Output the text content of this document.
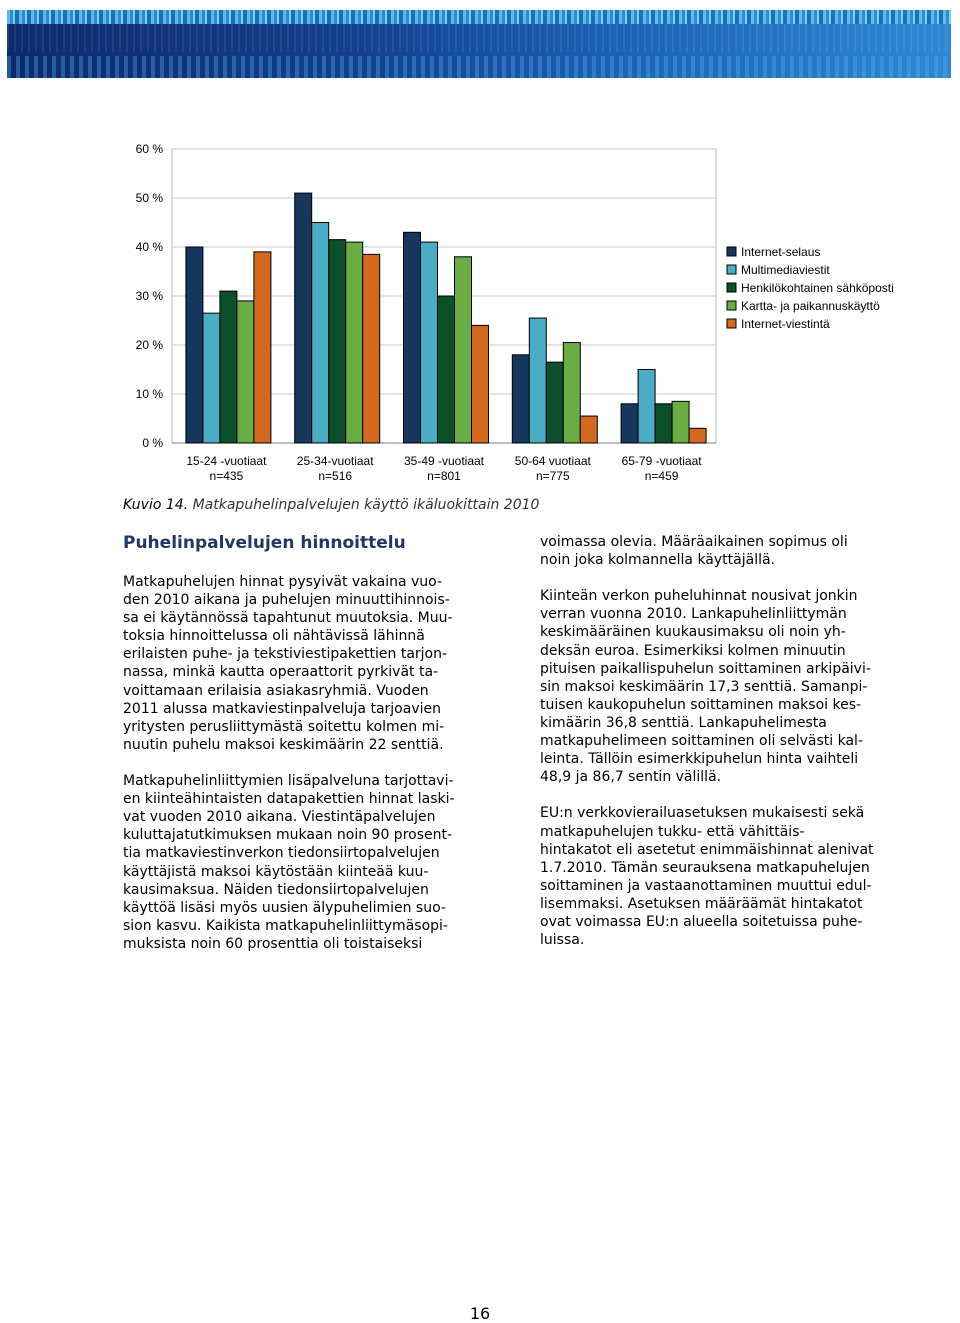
0 %
10 %
20 %
30 %
40 %
50 %
60 %
15-24 -vuotiaat
n=435
25-34-vuotiaat
n=516
35-49 -vuotiaat
n=801
50-64 vuotiaat
n=775
65-79 -vuotiaat
n=459
Internet-selaus
Multimediaviestit
Henkilökohtainen sähköposti
Kartta- ja paikannuskäyttö
Internet-viestintä
Kuvio 14. Matkapuhelinpalvelujen käyttö ikäluokittain 2010
Puhelinpalvelujen hinnoittelu
Matkapuhelujen hinnat pysyivät vakaina vuo-
den 2010 aikana ja puhelujen minuuttihinnois-
sa ei käytännössä tapahtunut muutoksia. Muu-
toksia hinnoittelussa oli nähtävissä lähinnä
erilaisten puhe- ja tekstiviestipakettien tarjon-
nassa, minkä kautta operaattorit pyrkivät ta-
voittamaan erilaisia asiakasryhmiä. Vuoden
2011 alussa matkaviestinpalveluja tarjoavien
yritysten perusliittymästä soitettu kolmen mi-
nuutin puhelu maksoi keskimäärin 22 senttiä.
Matkapuhelinliittymien lisäpalveluna tarjottavi-
en kiinteähintaisten datapakettien hinnat laski-
vat vuoden 2010 aikana. Viestintäpalvelujen
kuluttajatutkimuksen mukaan noin 90 prosent-
tia matkaviestinverkon tiedonsiirtopalvelujen
käyttäjistä maksoi käytöstään kiinteää kuu-
kausimaksua. Näiden tiedonsiirtopalvelujen
käyttöä lisäsi myös uusien älypuhelimien suo-
sion kasvu. Kaikista matkapuhelinliittymäsopi-
muksista noin 60 prosenttia oli toistaiseksi
voimassa olevia. Määräaikainen sopimus oli
noin joka kolmannella käyttäjällä.
Kiinteän verkon puheluhinnat nousivat jonkin
verran vuonna 2010. Lankapuhelinliittymän
keskimääräinen kuukausimaksu oli noin yh-
deksän euroa. Esimerkiksi kolmen minuutin
pituisen paikallispuhelun soittaminen arkipäivi-
sin maksoi keskimäärin 17,3 senttiä. Samanpi-
tuisen kaukopuhelun soittaminen maksoi kes-
kimäärin 36,8 senttiä. Lankapuhelimesta
matkapuhelimeen soittaminen oli selvästi kal-
leinta. Tällöin esimerkkipuhelun hinta vaihteli
48,9 ja 86,7 sentin välillä.
EU:n verkkovierailuasetuksen mukaisesti sekä
matkapuhelujen tukku- että vähittäis-
hintakatot eli asetetut enimmäishinnat alenivat
1.7.2010. Tämän seurauksena matkapuhelujen
soittaminen ja vastaanottaminen muuttui edul-
lisemmaksi. Asetuksen määräämät hintakatot
ovat voimassa EU:n alueella soitetuissa puhe-
luissa.
16
